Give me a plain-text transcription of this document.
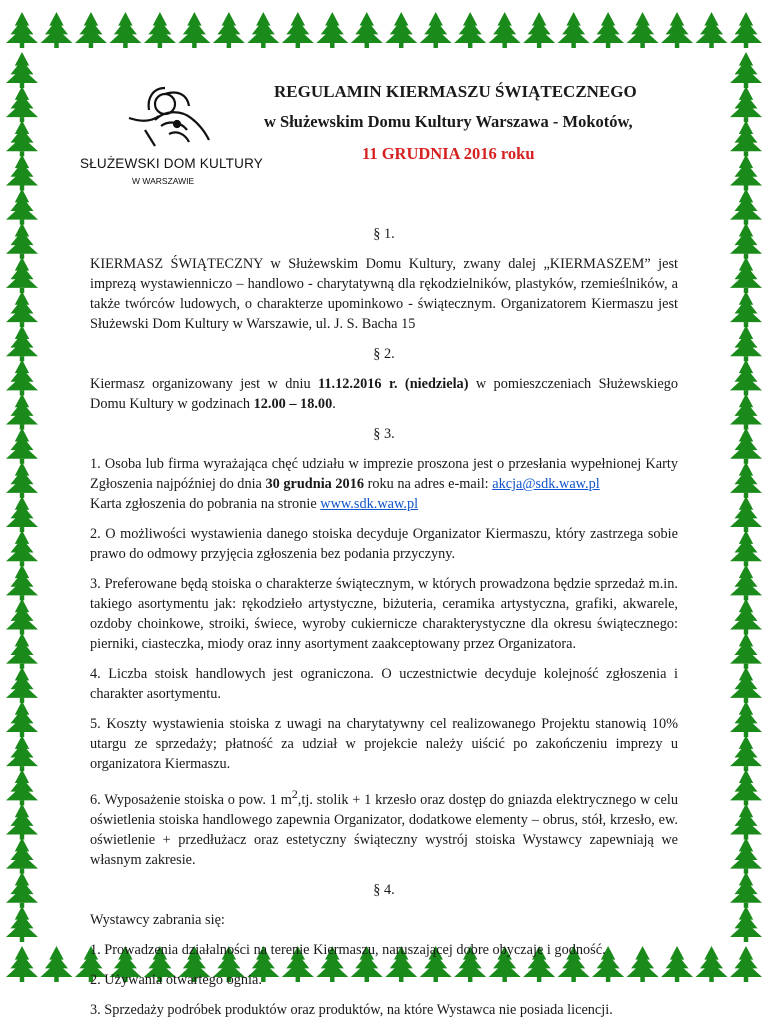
SŁUŻEWSKI DOM KULTURY
W WARSZAWIE
REGULAMIN KIERMASZU ŚWIĄTECZNEGO
w Służewskim Domu Kultury Warszawa - Mokotów,
11 GRUDNIA 2016 roku

§ 1.

KIERMASZ ŚWIĄTECZNY w Służewskim Domu Kultury, zwany dalej „KIERMASZEM” jest imprezą wystawienniczo – handlowo - charytatywną dla rękodzielników, plastyków, rzemieślników, a także twórców ludowych, o charakterze upominkowo - świątecznym. Organizatorem Kiermaszu jest Służewski Dom Kultury w Warszawie, ul. J. S. Bacha 15

§ 2.

Kiermasz organizowany jest w dniu 11.12.2016 r. (niedziela) w pomieszczeniach Służewskiego Domu Kultury w godzinach 12.00 – 18.00.

§ 3.

1. Osoba lub firma wyrażająca chęć udziału w imprezie proszona jest o przesłania wypełnionej Karty Zgłoszenia najpóźniej do dnia 30 grudnia 2016 roku na adres e-mail: akcja@sdk.waw.pl
Karta zgłoszenia do pobrania na stronie www.sdk.waw.pl

2. O możliwości wystawienia danego stoiska decyduje Organizator Kiermaszu, który zastrzega sobie prawo do odmowy przyjęcia zgłoszenia bez podania przyczyny.

3. Preferowane będą stoiska o charakterze świątecznym, w których prowadzona będzie sprzedaż m.in. takiego asortymentu jak: rękodzieło artystyczne, biżuteria, ceramika artystyczna, grafiki, akwarele, ozdoby choinkowe, stroiki, świece, wyroby cukiernicze charakterystyczne dla okresu świątecznego: pierniki, ciasteczka, miody oraz inny asortyment zaakceptowany przez Organizatora.

4. Liczba stoisk handlowych jest ograniczona. O uczestnictwie decyduje kolejność zgłoszenia i charakter asortymentu.

5. Koszty wystawienia stoiska z uwagi na charytatywny cel realizowanego Projektu stanowią 10% utargu ze sprzedaży; płatność za udział w projekcie należy uiścić po zakończeniu imprezy u organizatora Kiermaszu.

6. Wyposażenie stoiska o pow. 1 $m^2,tj$. stolik + 1 krzesło oraz dostęp do gniazda elektrycznego w celu oświetlenia stoiska handlowego zapewnia Organizator, dodatkowe elementy – obrus, stół, krzesło, ew. oświetlenie + przedłużacz oraz estetyczny świąteczny wystrój stoiska Wystawcy zapewniają we własnym zakresie.

§ 4.

Wystawcy zabrania się:

1. Prowadzenia działalności na terenie Kiermaszu, naruszającej dobre obyczaje i godność.

2. Używania otwartego ognia.

3. Sprzedaży podróbek produktów oraz produktów, na które Wystawca nie posiada licencji.
